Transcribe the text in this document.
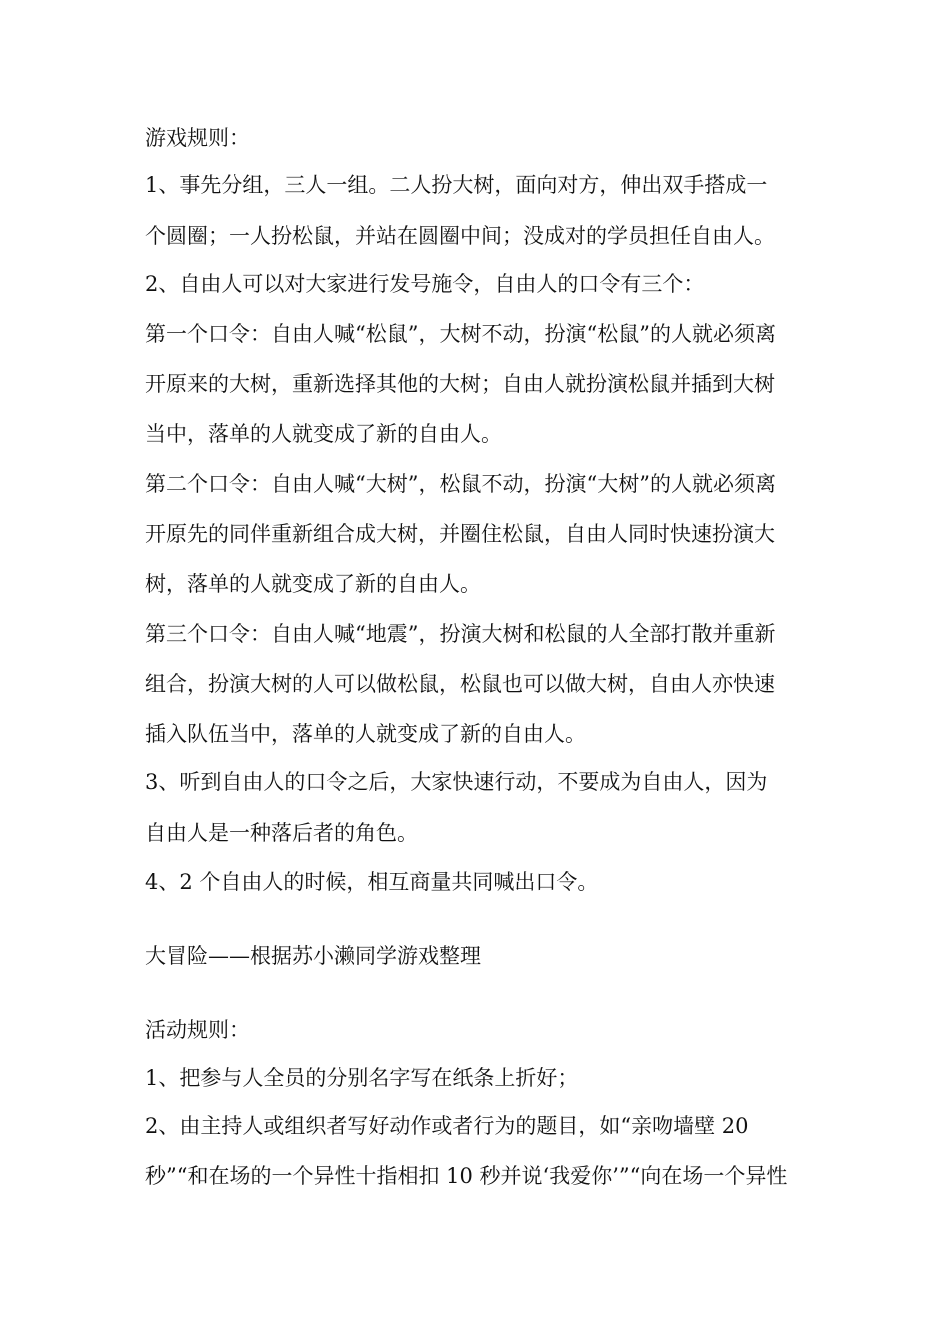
游戏规则：
1、事先分组，三人一组。二人扮大树，面向对方，伸出双手搭成一
个圆圈；一人扮松鼠，并站在圆圈中间；没成对的学员担任自由人。
2、自由人可以对大家进行发号施令，自由人的口令有三个：
第一个口令：自由人喊“松鼠”，大树不动，扮演“松鼠”的人就必须离
开原来的大树，重新选择其他的大树；自由人就扮演松鼠并插到大树
当中，落单的人就变成了新的自由人。
第二个口令：自由人喊“大树”，松鼠不动，扮演“大树”的人就必须离
开原先的同伴重新组合成大树，并圈住松鼠，自由人同时快速扮演大
树，落单的人就变成了新的自由人。
第三个口令：自由人喊“地震”，扮演大树和松鼠的人全部打散并重新
组合，扮演大树的人可以做松鼠，松鼠也可以做大树，自由人亦快速
插入队伍当中，落单的人就变成了新的自由人。
3、听到自由人的口令之后，大家快速行动，不要成为自由人，因为
自由人是一种落后者的角色。
4、2 个自由人的时候，相互商量共同喊出口令。
大冒险——根据苏小濑同学游戏整理
活动规则：
1、把参与人全员的分别名字写在纸条上折好；
2、由主持人或组织者写好动作或者行为的题目，如“亲吻墙壁 20
秒”“和在场的一个异性十指相扣 10 秒并说‘我爱你’”“向在场一个异性
